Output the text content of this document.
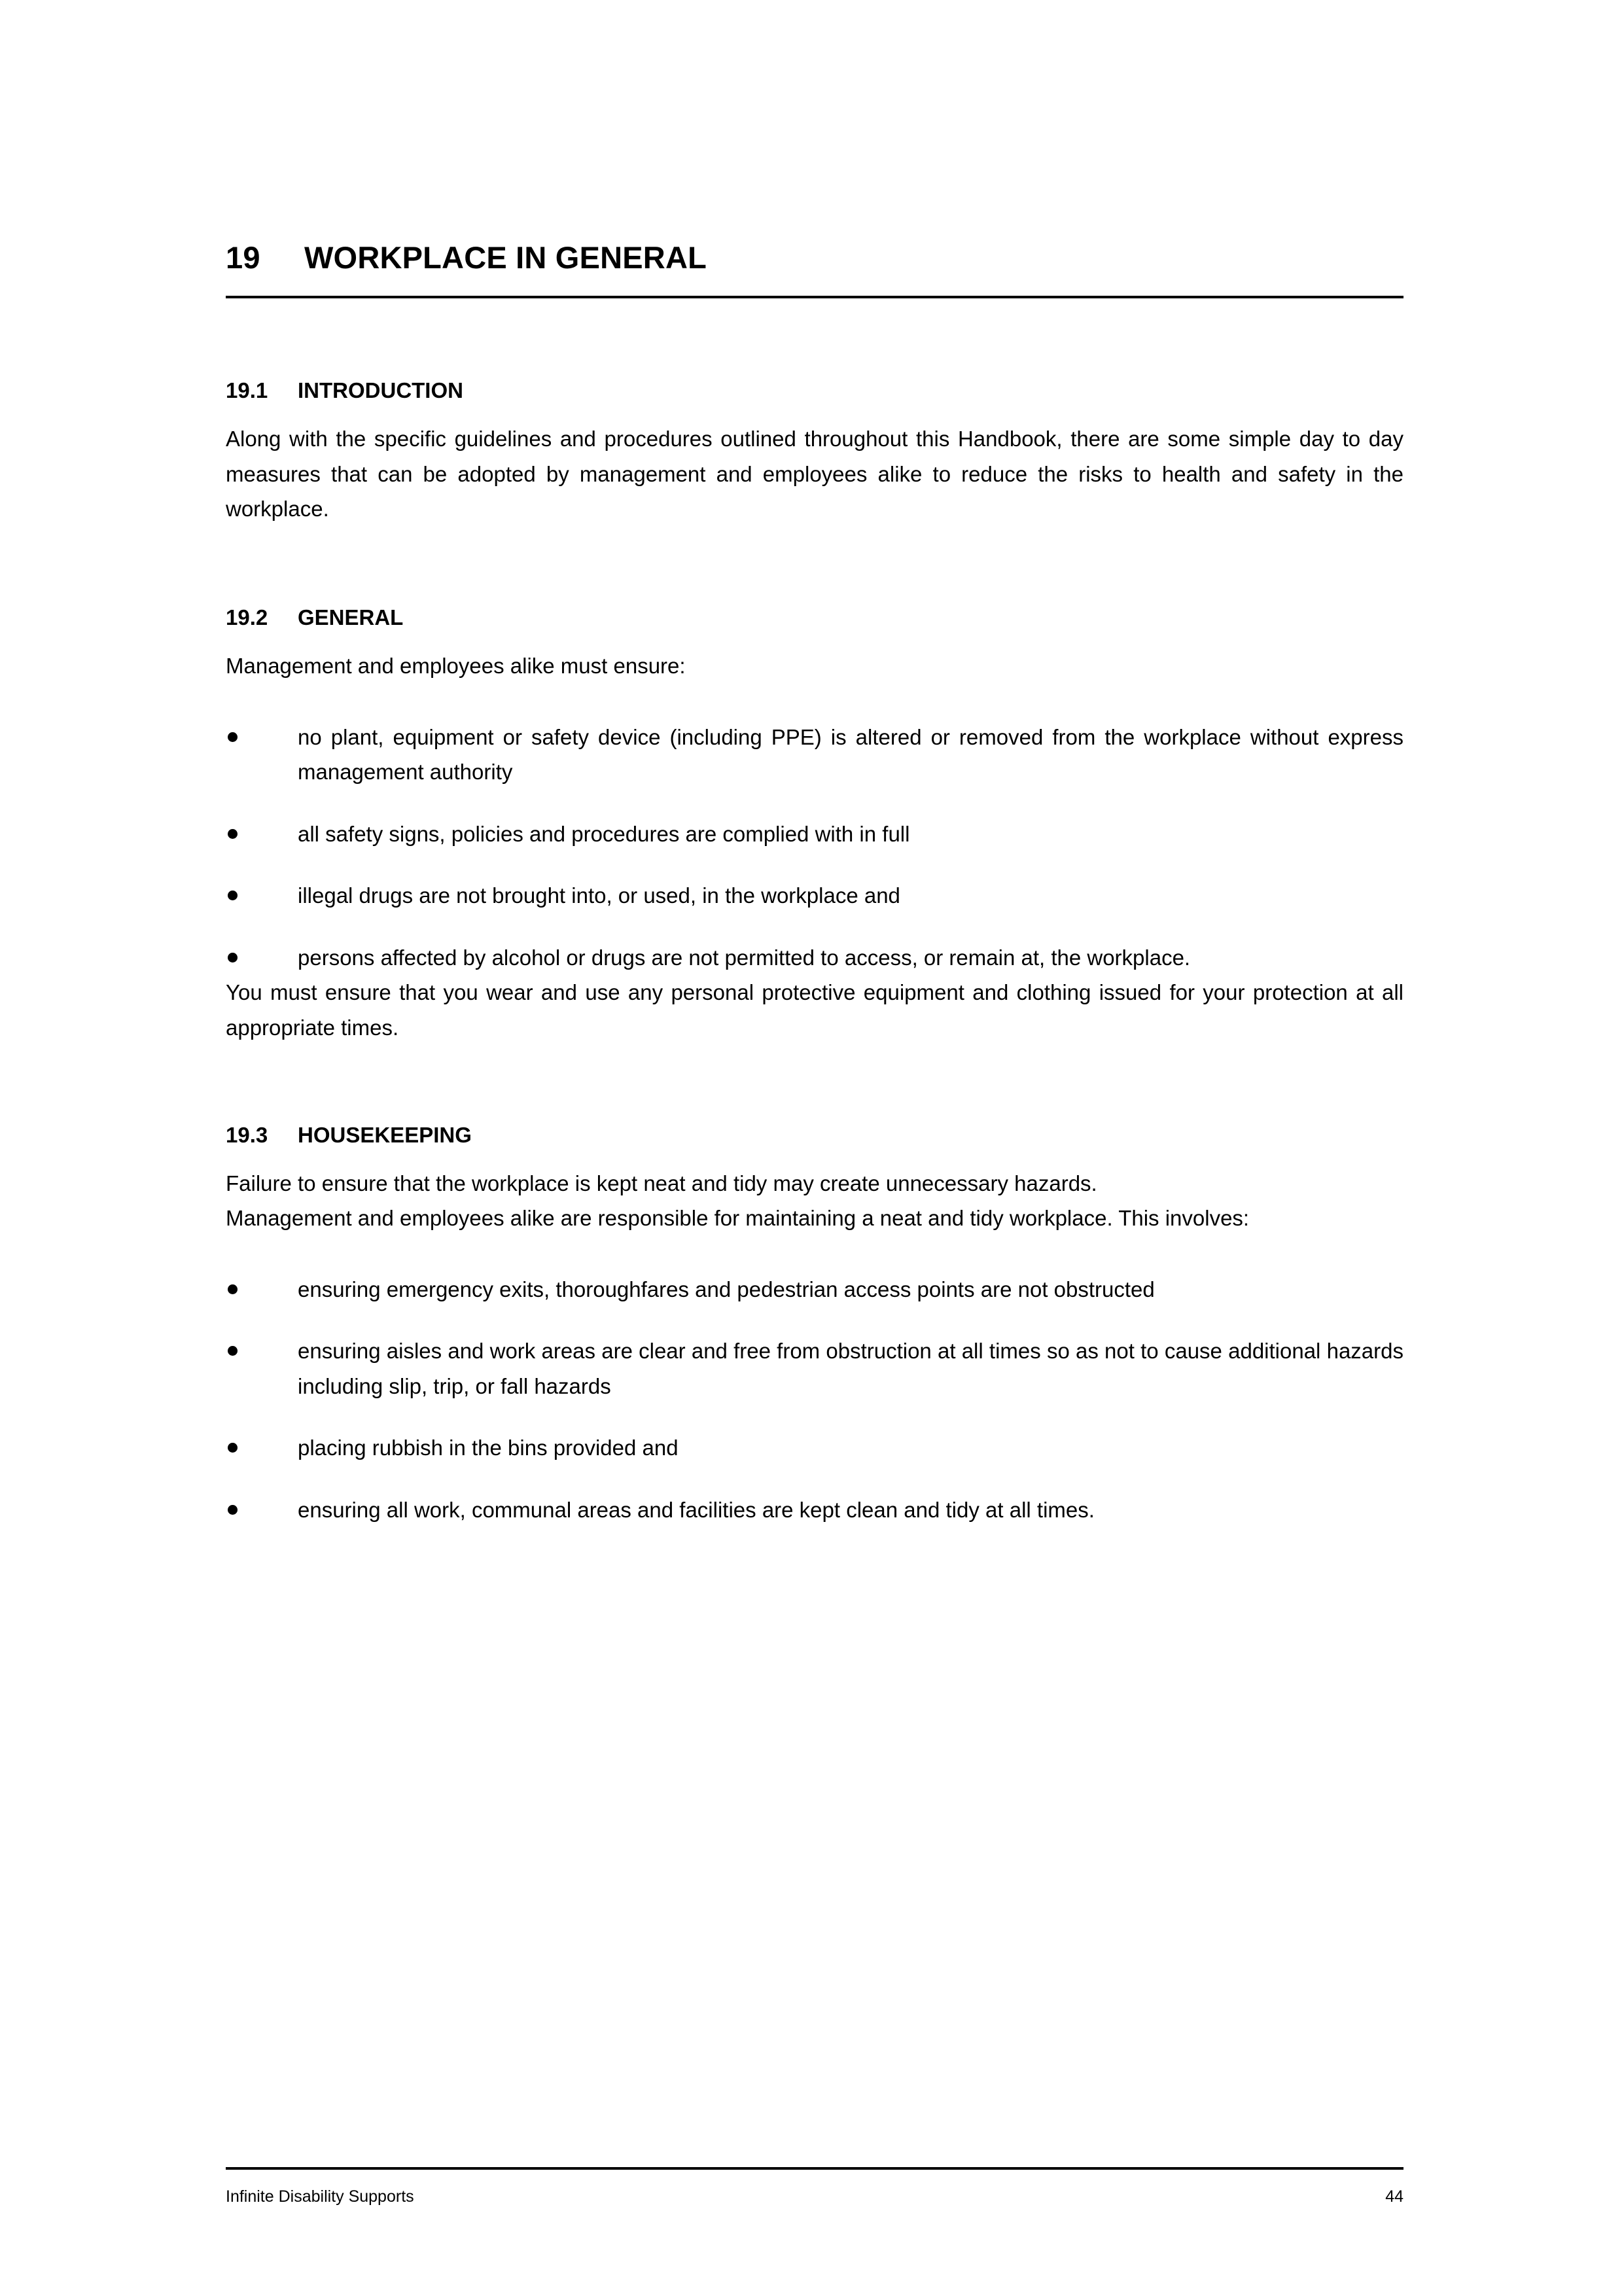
19 WORKPLACE IN GENERAL
19.1 INTRODUCTION

Along with the specific guidelines and procedures outlined throughout this Handbook, there are some simple day to day measures that can be adopted by management and employees alike to reduce the risks to health and safety in the workplace.

19.2 GENERAL

Management and employees alike must ensure:

no plant, equipment or safety device (including PPE) is altered or removed from the workplace without express management authority
all safety signs, policies and procedures are complied with in full
illegal drugs are not brought into, or used, in the workplace and
persons affected by alcohol or drugs are not permitted to access, or remain at, the workplace.

You must ensure that you wear and use any personal protective equipment and clothing issued for your protection at all appropriate times.

19.3 HOUSEKEEPING

Failure to ensure that the workplace is kept neat and tidy may create unnecessary hazards.

Management and employees alike are responsible for maintaining a neat and tidy workplace. This involves:

ensuring emergency exits, thoroughfares and pedestrian access points are not obstructed
ensuring aisles and work areas are clear and free from obstruction at all times so as not to cause additional hazards including slip, trip, or fall hazards
placing rubbish in the bins provided and
ensuring all work, communal areas and facilities are kept clean and tidy at all times.
Infinite Disability Supports	44
